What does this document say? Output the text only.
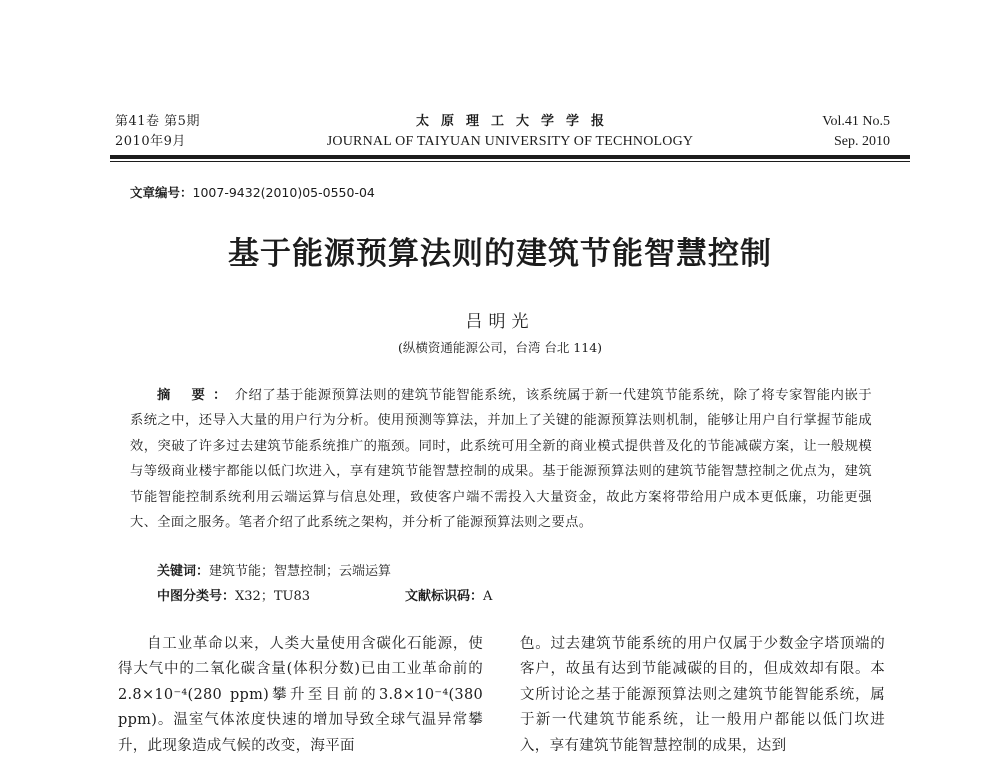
第41卷 第5期
2010年9月
太原理工大学学报
JOURNAL OF TAIYUAN UNIVERSITY OF TECHNOLOGY
Vol.41 No.5
Sep. 2010
文章编号：1007-9432(2010)05-0550-04
基于能源预算法则的建筑节能智慧控制
吕明光
(纵横资通能源公司，台湾 台北 114)
摘 要：介绍了基于能源预算法则的建筑节能智能系统，该系统属于新一代建筑节能系统，除了将专家智能内嵌于系统之中，还导入大量的用户行为分析。使用预测等算法，并加上了关键的能源预算法则机制，能够让用户自行掌握节能成效，突破了许多过去建筑节能系统推广的瓶颈。同时，此系统可用全新的商业模式提供普及化的节能减碳方案，让一般规模与等级商业楼宇都能以低门坎进入，享有建筑节能智慧控制的成果。基于能源预算法则的建筑节能智慧控制之优点为，建筑节能智能控制系统利用云端运算与信息处理，致使客户端不需投入大量资金，故此方案将带给用户成本更低廉，功能更强大、全面之服务。笔者介绍了此系统之架构，并分析了能源预算法则之要点。
关键词：建筑节能；智慧控制；云端运算
中图分类号：X32；TU83	文献标识码：A

自工业革命以来，人类大量使用含碳化石能源，使得大气中的二氧化碳含量(体积分数)已由工业革命前的2.8×10⁻⁴(280 ppm)攀升至目前的3.8×10⁻⁴(380 ppm)。温室气体浓度快速的增加导致全球气温异常攀升，此现象造成气候的改变，海平面

色。过去建筑节能系统的用户仅属于少数金字塔顶端的客户，故虽有达到节能减碳的目的，但成效却有限。本文所讨论之基于能源预算法则之建筑节能智能系统，属于新一代建筑节能系统，让一般用户都能以低门坎进入，享有建筑节能智慧控制的成果，达到
